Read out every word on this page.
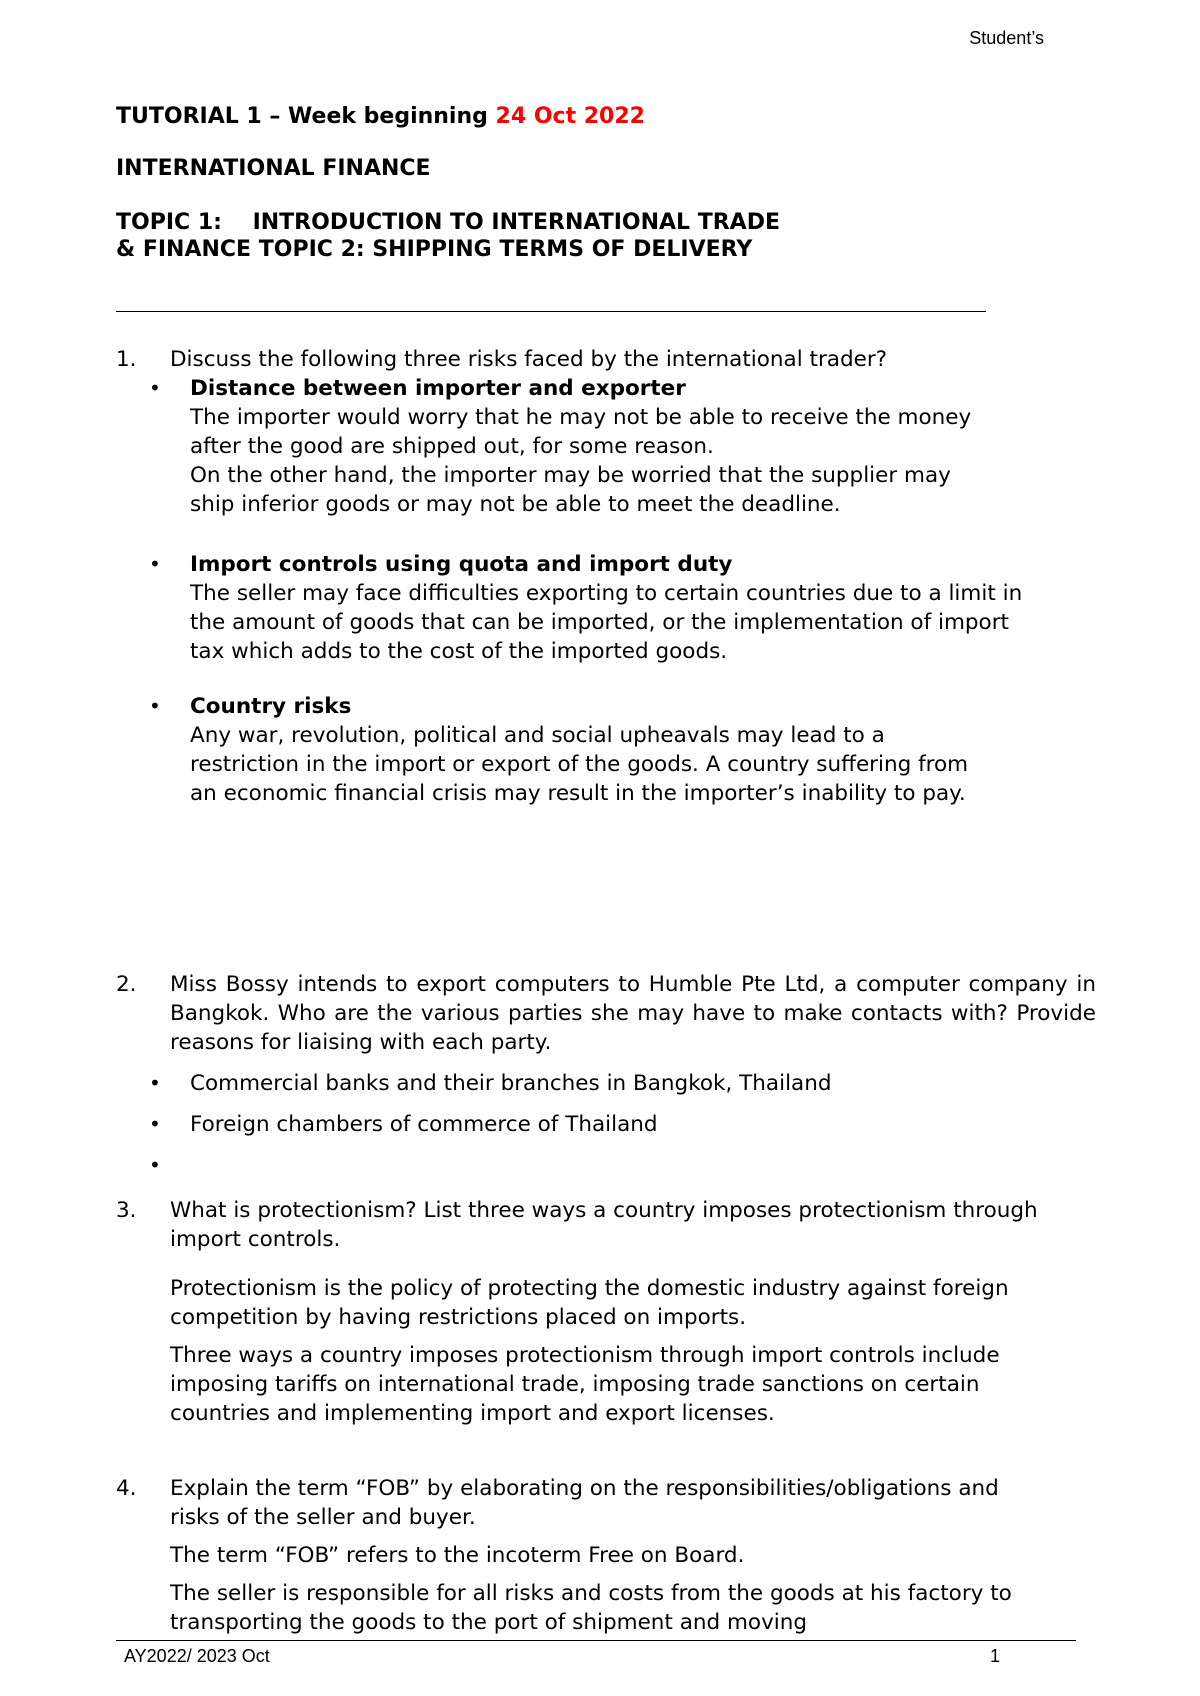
Student’s
TUTORIAL 1 – Week beginning 24 Oct 2022
INTERNATIONAL FINANCE
TOPIC 1:    INTRODUCTION TO INTERNATIONAL TRADE
& FINANCE TOPIC 2: SHIPPING TERMS OF DELIVERY
1.	Discuss the following three risks faced by the international trader?
• Distance between importer and exporter
The importer would worry that he may not be able to receive the money after the good are shipped out, for some reason.
On the other hand, the importer may be worried that the supplier may ship inferior goods or may not be able to meet the deadline.
• Import controls using quota and import duty
The seller may face difficulties exporting to certain countries due to a limit in the amount of goods that can be imported, or the implementation of import tax which adds to the cost of the imported goods.
• Country risks
Any war, revolution, political and social upheavals may lead to a restriction in the import or export of the goods. A country suffering from an economic financial crisis may result in the importer’s inability to pay.
2.	Miss Bossy intends to export computers to Humble Pte Ltd, a computer company in Bangkok. Who are the various parties she may have to make contacts with? Provide reasons for liaising with each party.
• Commercial banks and their branches in Bangkok, Thailand
• Foreign chambers of commerce of Thailand
•
3.	What is protectionism? List three ways a country imposes protectionism through import controls.
Protectionism is the policy of protecting the domestic industry against foreign competition by having restrictions placed on imports.
Three ways a country imposes protectionism through import controls include imposing tariffs on international trade, imposing trade sanctions on certain countries and implementing import and export licenses.
4.	Explain the term “FOB” by elaborating on the responsibilities/obligations and risks of the seller and buyer.
The term “FOB” refers to the incoterm Free on Board.
The seller is responsible for all risks and costs from the goods at his factory to transporting the goods to the port of shipment and moving
AY2022/ 2023 Oct	1
